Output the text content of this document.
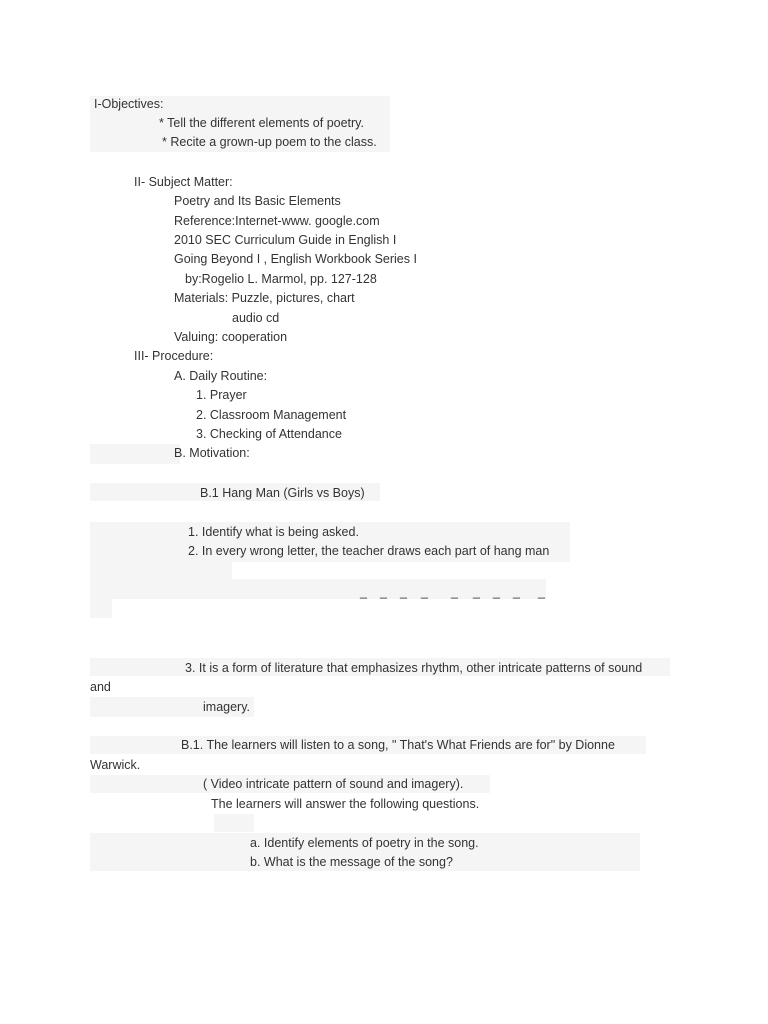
I-Objectives:
* Tell the different elements of poetry.
* Recite a grown-up poem to the class.
II- Subject Matter:
Poetry and Its Basic Elements
Reference:Internet-www. google.com
2010 SEC Curriculum Guide in English I
Going Beyond I , English Workbook Series I
by:Rogelio L. Marmol, pp. 127-128
Materials: Puzzle, pictures, chart
audio cd
Valuing: cooperation
III- Procedure:
A. Daily Routine:
1. Prayer
2. Classroom Management
3. Checking of Attendance
B. Motivation:
B.1 Hang Man (Girls vs Boys)
1. Identify what is being asked.
2. In every wrong letter, the teacher draws each part of hang man
_ _ _ _ _ _ _ _ _
3. It is a form of literature that emphasizes rhythm, other intricate patterns of sound
and
imagery.
B.1. The learners will listen to a song, " That's What Friends are for" by Dionne
Warwick.
( Video intricate pattern of sound and imagery).
The learners will answer the following questions.
a. Identify elements of poetry in the song.
b. What is the message of the song?
